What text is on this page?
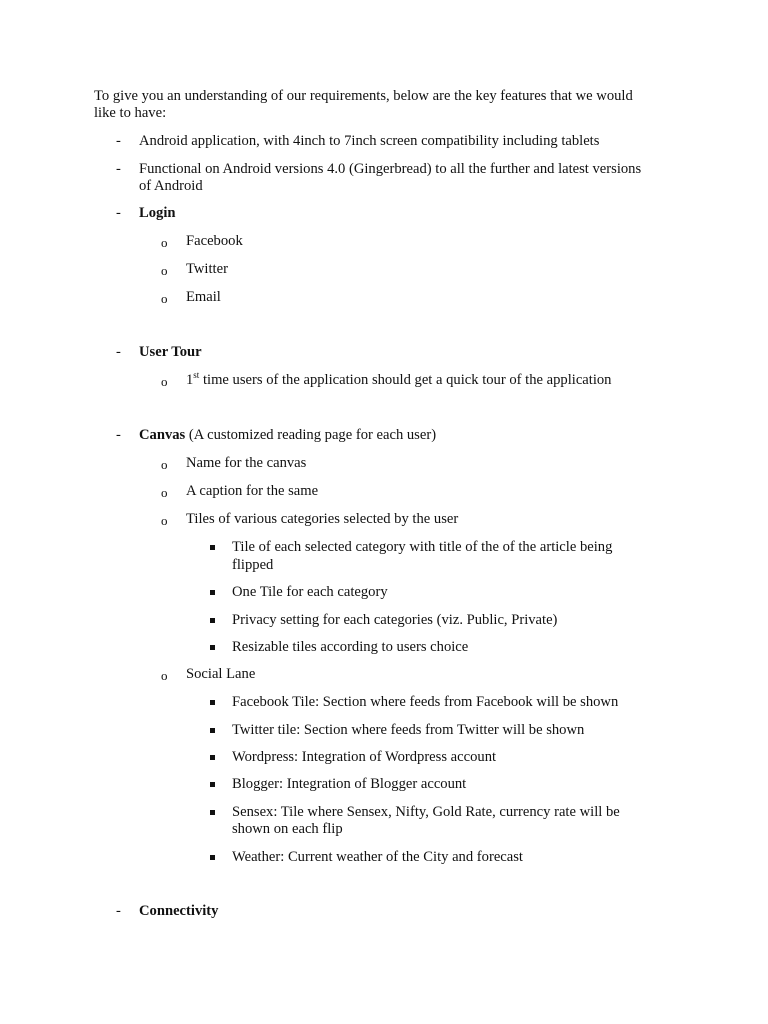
To give you an understanding of our requirements, below are the key features that we would
like to have:
-	Android application, with 4inch to 7inch screen compatibility including tablets
-	Functional on Android versions 4.0 (Gingerbread) to all the further and latest versions
of Android
-	Login
o Facebook
o Twitter
o Email
-	User Tour
o 1st time users of the application should get a quick tour of the application
-	Canvas (A customized reading page for each user)
o Name for the canvas
o A caption for the same
o Tiles of various categories selected by the user
Tile of each selected category with title of the of the article being
flipped
One Tile for each category
Privacy setting for each categories (viz. Public, Private)
Resizable tiles according to users choice
o Social Lane
Facebook Tile: Section where feeds from Facebook will be shown
Twitter tile: Section where feeds from Twitter will be shown
Wordpress: Integration of Wordpress account
Blogger: Integration of Blogger account
Sensex: Tile where Sensex, Nifty, Gold Rate, currency rate will be
shown on each flip
Weather: Current weather of the City and forecast
-	Connectivity
